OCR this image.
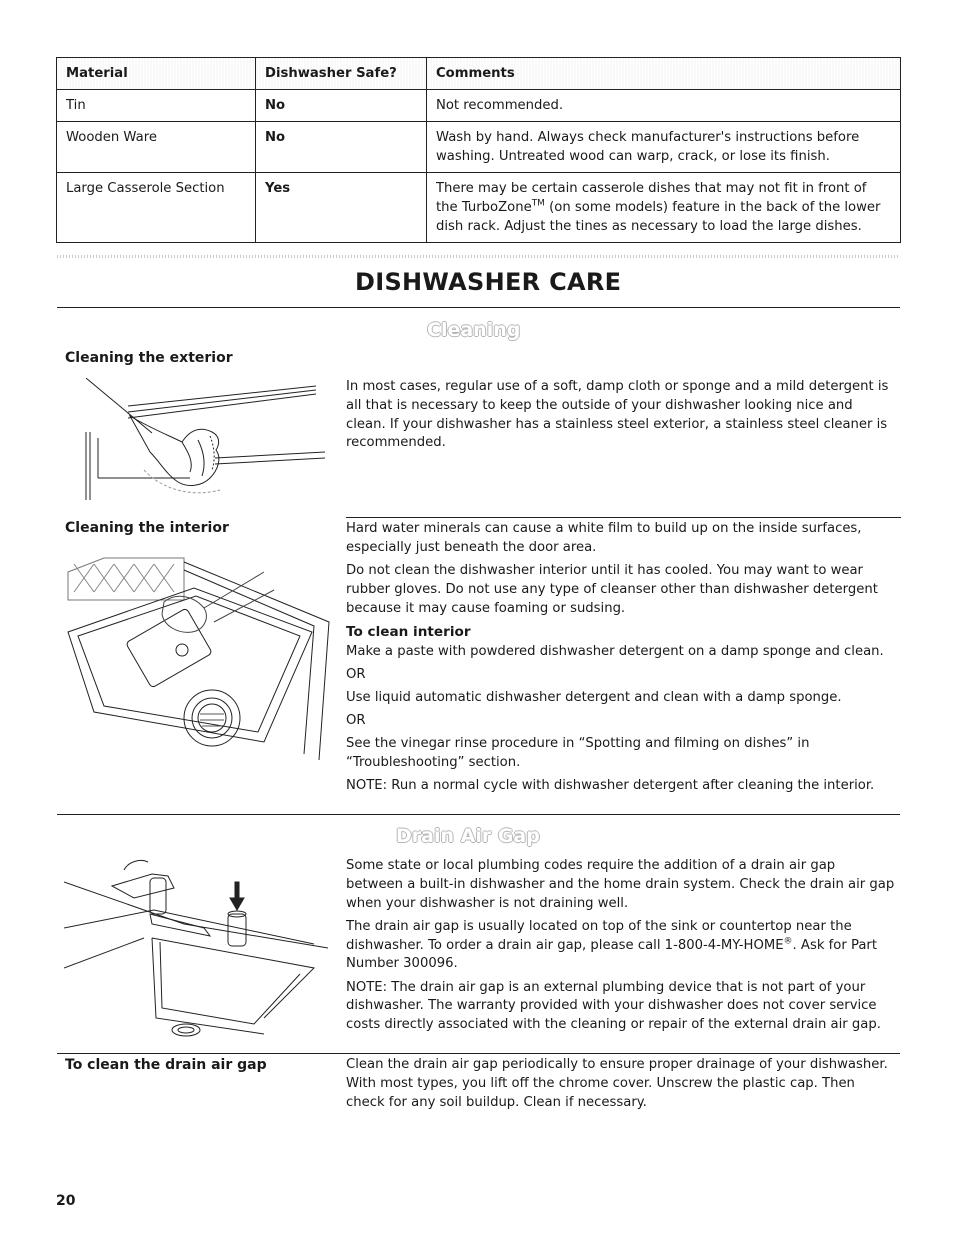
Material	Dishwasher Safe?	Comments
Tin	No	Not recommended.
Wooden Ware	No	Wash by hand. Always check manufacturer's instructions before washing. Untreated wood can warp, crack, or lose its finish.
Large Casserole Section	Yes	There may be certain casserole dishes that may not fit in front of the TurboZone™ (on some models) feature in the back of the lower dish rack. Adjust the tines as necessary to load the large dishes.
DISHWASHER CARE
Cleaning
Cleaning the exterior
In most cases, regular use of a soft, damp cloth or sponge and a mild detergent is all that is necessary to keep the outside of your dishwasher looking nice and clean. If your dishwasher has a stainless steel exterior, a stainless steel cleaner is recommended.
Cleaning the interior	Hard water minerals can cause a white film to build up on the inside surfaces, especially just beneath the door area.

Do not clean the dishwasher interior until it has cooled. You may want to wear rubber gloves. Do not use any type of cleanser other than dishwasher detergent because it may cause foaming or sudsing.

To clean interior

Make a paste with powdered dishwasher detergent on a damp sponge and clean.

OR

Use liquid automatic dishwasher detergent and clean with a damp sponge.

OR

See the vinegar rinse procedure in “Spotting and filming on dishes” in “Troubleshooting” section.

NOTE: Run a normal cycle with dishwasher detergent after cleaning the interior.

Drain Air Gap

Some state or local plumbing codes require the addition of a drain air gap between a built-in dishwasher and the home drain system. Check the drain air gap when your dishwasher is not draining well.

The drain air gap is usually located on top of the sink or countertop near the dishwasher. To order a drain air gap, please call 1-800-4-MY-HOME®. Ask for Part Number 300096.

NOTE: The drain air gap is an external plumbing device that is not part of your dishwasher. The warranty provided with your dishwasher does not cover service costs directly associated with the cleaning or repair of the external drain air gap.

To clean the drain air gap	Clean the drain air gap periodically to ensure proper drainage of your dishwasher. With most types, you lift off the chrome cover. Unscrew the plastic cap. Then check for any soil buildup. Clean if necessary.
20
